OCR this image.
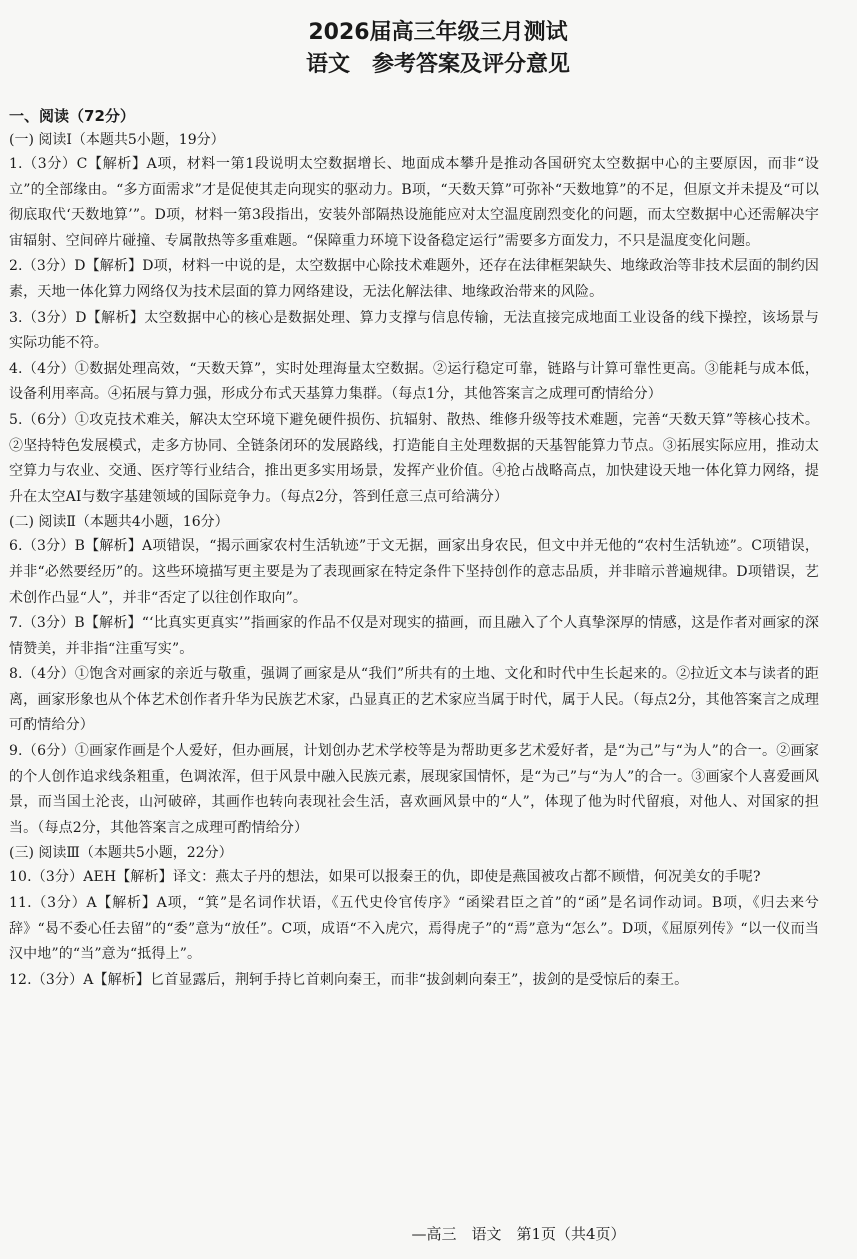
2026届高三年级三月测试
语文　参考答案及评分意见
一、阅读（72分）
(一) 阅读Ⅰ（本题共5小题，19分）
1.（3分）C【解析】A项，材料一第1段说明太空数据增长、地面成本攀升是推动各国研究太空数据中心的主要原因，而非“设立”的全部缘由。“多方面需求”才是促使其走向现实的驱动力。B项，“天数天算”可弥补“天数地算”的不足，但原文并未提及“可以彻底取代‘天数地算’”。D项，材料一第3段指出，安装外部隔热设施能应对太空温度剧烈变化的问题，而太空数据中心还需解决宇宙辐射、空间碎片碰撞、专属散热等多重难题。“保障重力环境下设备稳定运行”需要多方面发力，不只是温度变化问题。
2.（3分）D【解析】D项，材料一中说的是，太空数据中心除技术难题外，还存在法律框架缺失、地缘政治等非技术层面的制约因素，天地一体化算力网络仅为技术层面的算力网络建设，无法化解法律、地缘政治带来的风险。
3.（3分）D【解析】太空数据中心的核心是数据处理、算力支撑与信息传输，无法直接完成地面工业设备的线下操控，该场景与实际功能不符。
4.（4分）①数据处理高效，“天数天算”，实时处理海量太空数据。②运行稳定可靠，链路与计算可靠性更高。③能耗与成本低，设备利用率高。④拓展与算力强，形成分布式天基算力集群。（每点1分，其他答案言之成理可酌情给分）
5.（6分）①攻克技术难关，解决太空环境下避免硬件损伤、抗辐射、散热、维修升级等技术难题，完善“天数天算”等核心技术。②坚持特色发展模式，走多方协同、全链条闭环的发展路线，打造能自主处理数据的天基智能算力节点。③拓展实际应用，推动太空算力与农业、交通、医疗等行业结合，推出更多实用场景，发挥产业价值。④抢占战略高点，加快建设天地一体化算力网络，提升在太空AI与数字基建领域的国际竞争力。（每点2分，答到任意三点可给满分）
(二) 阅读Ⅱ（本题共4小题，16分）
6.（3分）B【解析】A项错误，“揭示画家农村生活轨迹”于文无据，画家出身农民，但文中并无他的“农村生活轨迹”。C项错误，并非“必然要经历”的。这些环境描写更主要是为了表现画家在特定条件下坚持创作的意志品质，并非暗示普遍规律。D项错误，艺术创作凸显“人”，并非“否定了以往创作取向”。
7.（3分）B【解析】“‘比真实更真实’”指画家的作品不仅是对现实的描画，而且融入了个人真挚深厚的情感，这是作者对画家的深情赞美，并非指“注重写实”。
8.（4分）①饱含对画家的亲近与敬重，强调了画家是从“我们”所共有的土地、文化和时代中生长起来的。②拉近文本与读者的距离，画家形象也从个体艺术创作者升华为民族艺术家，凸显真正的艺术家应当属于时代，属于人民。（每点2分，其他答案言之成理可酌情给分）
9.（6分）①画家作画是个人爱好，但办画展，计划创办艺术学校等是为帮助更多艺术爱好者，是“为己”与“为人”的合一。②画家的个人创作追求线条粗重，色调浓浑，但于风景中融入民族元素，展现家国情怀，是“为己”与“为人”的合一。③画家个人喜爱画风景，而当国土沦丧，山河破碎，其画作也转向表现社会生活，喜欢画风景中的“人”，体现了他为时代留痕，对他人、对国家的担当。（每点2分，其他答案言之成理可酌情给分）
(三) 阅读Ⅲ（本题共5小题，22分）
10.（3分）AEH【解析】译文：燕太子丹的想法，如果可以报秦王的仇，即使是燕国被攻占都不顾惜，何况美女的手呢?
11.（3分）A【解析】A项，“箕”是名词作状语，《五代史伶官传序》“函梁君臣之首”的“函”是名词作动词。B项，《归去来兮辞》“曷不委心任去留”的“委”意为“放任”。C项，成语“不入虎穴，焉得虎子”的“焉”意为“怎么”。D项，《屈原列传》“以一仪而当汉中地”的“当”意为“抵得上”。
12.（3分）A【解析】匕首显露后，荆轲手持匕首刺向秦王，而非“拔剑刺向秦王”，拔剑的是受惊后的秦王。
—高三　语文　第1页（共4页）
